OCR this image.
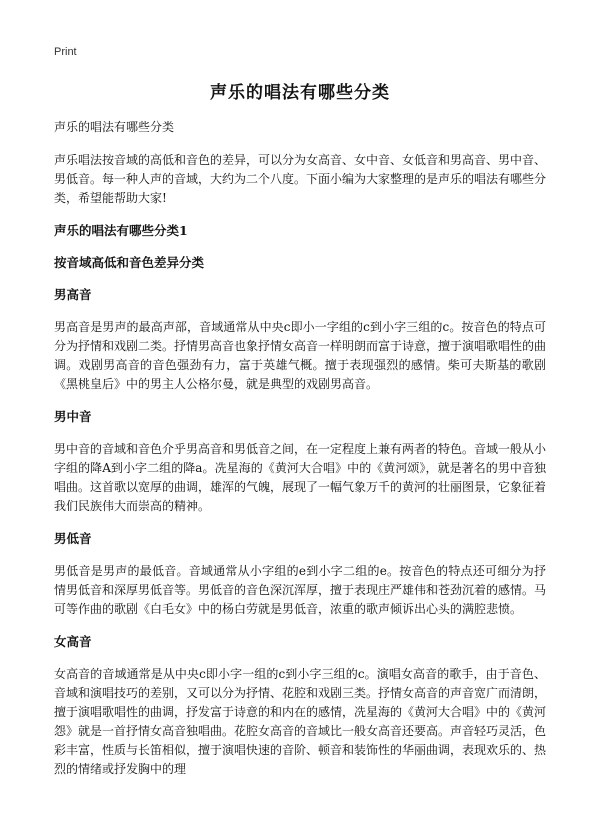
Print
声乐的唱法有哪些分类

声乐的唱法有哪些分类

声乐唱法按音域的高低和音色的差异，可以分为女高音、女中音、女低音和男高音、男中音、男低音。每一种人声的音域，大约为二个八度。下面小编为大家整理的是声乐的唱法有哪些分类，希望能帮助大家!

声乐的唱法有哪些分类1
按音域高低和音色差异分类
男高音

男高音是男声的最高声部，音域通常从中央c即小一字组的c到小字三组的c。按音色的特点可分为抒情和戏剧二类。抒情男高音也象抒情女高音一样明朗而富于诗意，擅于演唱歌唱性的曲调。戏剧男高音的音色强劲有力，富于英雄气概。擅于表现强烈的感情。柴可夫斯基的歌剧《黑桃皇后》中的男主人公格尔曼，就是典型的戏剧男高音。

男中音

男中音的音域和音色介乎男高音和男低音之间，在一定程度上兼有两者的特色。音域一般从小字组的降A到小字二组的降a。冼星海的《黄河大合唱》中的《黄河颂》，就是著名的男中音独唱曲。这首歌以宽厚的曲调，雄浑的气魄，展现了一幅气象万千的黄河的壮丽图景，它象征着我们民族伟大而崇高的精神。

男低音

男低音是男声的最低音。音域通常从小字组的e到小字二组的e。按音色的特点还可细分为抒情男低音和深厚男低音等。男低音的音色深沉浑厚，擅于表现庄严雄伟和苍劲沉着的感情。马可等作曲的歌剧《白毛女》中的杨白劳就是男低音，浓重的歌声倾诉出心头的满腔悲愤。

女高音

女高音的音域通常是从中央c即小字一组的c到小字三组的c。演唱女高音的歌手，由于音色、音域和演唱技巧的差别，又可以分为抒情、花腔和戏剧三类。抒情女高音的声音宽广而清朗，擅于演唱歌唱性的曲调，抒发富于诗意的和内在的感情，冼星海的《黄河大合唱》中的《黄河怨》就是一首抒情女高音独唱曲。花腔女高音的音域比一般女高音还要高。声音轻巧灵活，色彩丰富，性质与长笛相似，擅于演唱快速的音阶、顿音和装饰性的华丽曲调，表现欢乐的、热烈的情绪或抒发胸中的理
